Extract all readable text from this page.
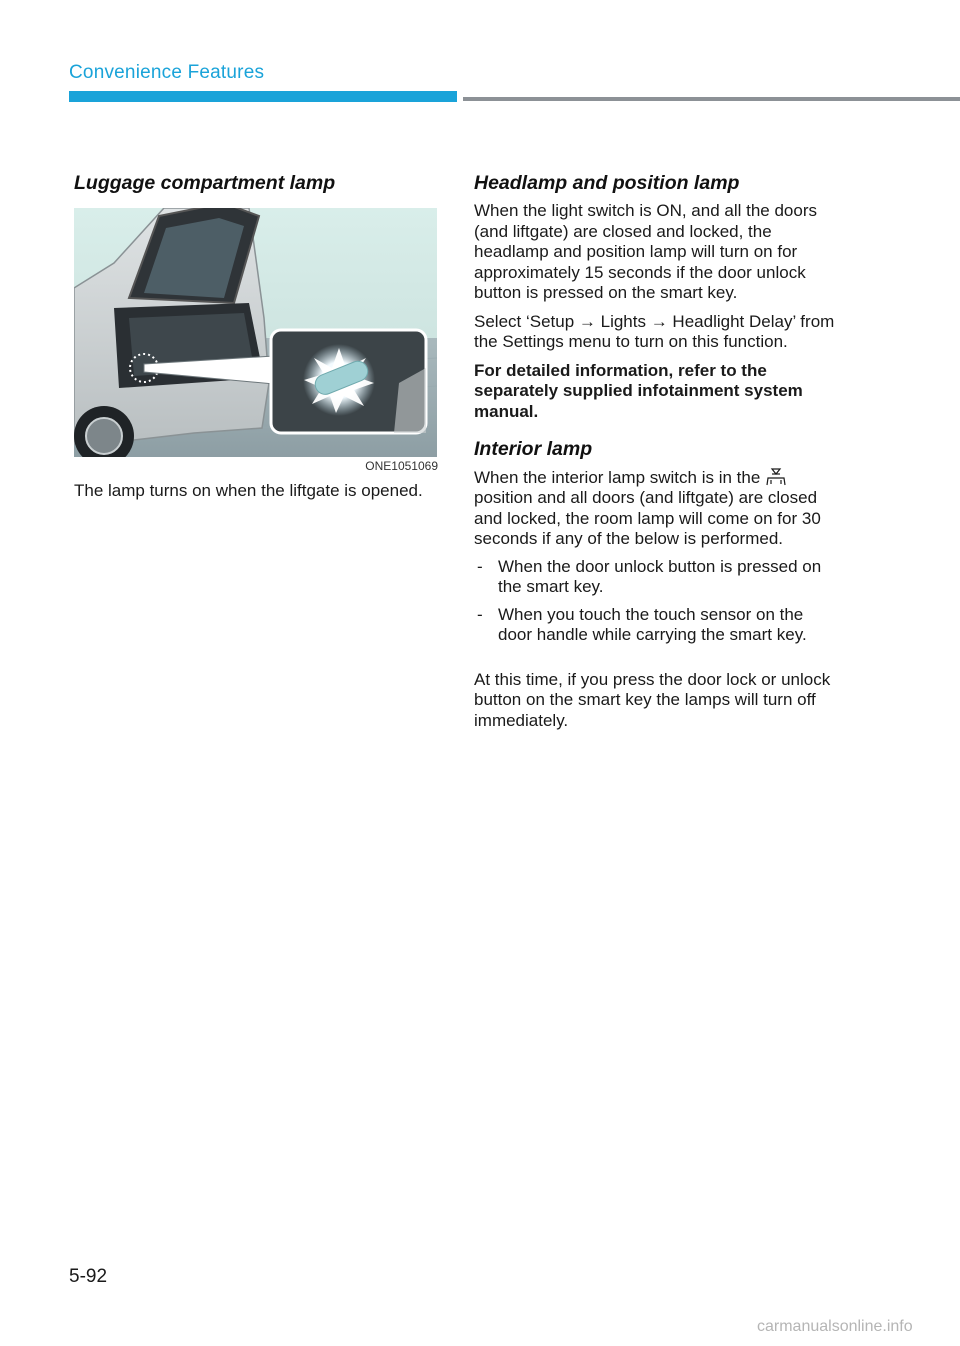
Convenience Features
Luggage compartment lamp
ONE1051069

The lamp turns on when the liftgate is opened.

Headlamp and position lamp

When the light switch is ON, and all the doors (and liftgate) are closed and locked, the headlamp and position lamp will turn on for approximately 15 seconds if the door unlock button is pressed on the smart key.

Select ‘Setup → Lights → Headlight Delay’ from the Settings menu to turn on this function.

For detailed information, refer to the separately supplied infotainment system manual.

Interior lamp

When the interior lamp switch is in the  position and all doors (and liftgate) are closed and locked, the room lamp will come on for 30 seconds if any of the below is performed.

- When the door unlock button is pressed on the smart key.
- When you touch the touch sensor on the door handle while carrying the smart key.

At this time, if you press the door lock or unlock button on the smart key the lamps will turn off immediately.

5-92
carmanualsonline.info
